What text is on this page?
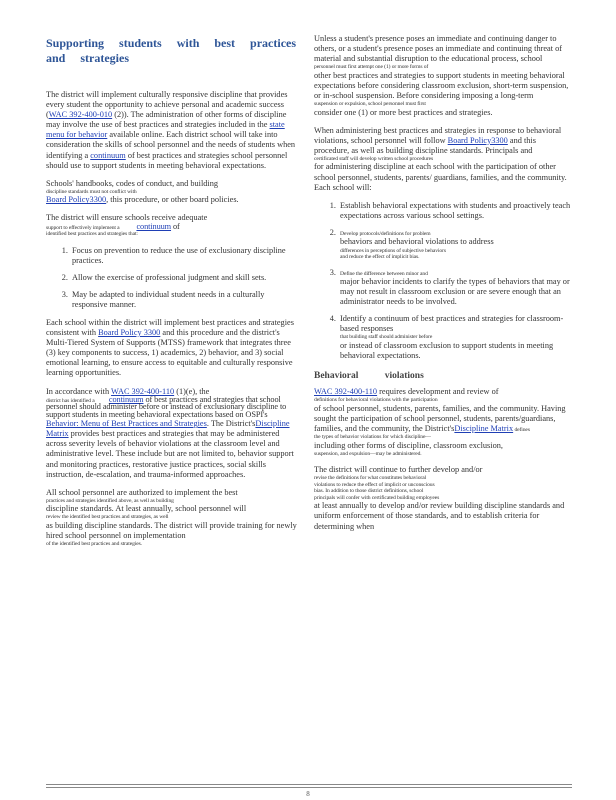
Supporting students with best practices and strategies

The district will implement culturally responsive discipline that provides every student the opportunity to achieve personal and academic success (WAC 392-400-010 (2)). The administration of other forms of discipline may involve the use of best practices and strategies included in the state menu for behavior available online. Each district school will take into consideration the skills of school personnel and the needs of students when identifying a continuum of best practices and strategies school personnel should use to support students in meeting behavioral expectations.

Schools' handbooks, codes of conduct, and building
discipline standards must not conflict with
Board Policy3300, this procedure, or other board policies.

The district will ensure schools receive adequate
support to effectively implement a continuum of
identified best practices and strategies that:

1. Focus on prevention to reduce the use of exclusionary discipline practices.
2. Allow the exercise of professional judgment and skill sets.
3. May be adapted to individual student needs in a culturally responsive manner.

Each school within the district will implement best practices and strategies consistent with Board Policy 3300 and this procedure and the district's Multi-Tiered System of Supports (MTSS) framework that integrates three (3) key components to success, 1) academics, 2) behavior, and 3) social emotional learning, to ensure access to equitable and culturally responsive learning opportunities.

In accordance with WAC 392-400-110 (1)(e), the
district has identified a continuum of best practices and strategies that school personnel should administer before or instead of exclusionary discipline to support students in meeting behavioral expectations based on OSPI's
Behavior: Menu of Best Practices and Strategies. The District'sDiscipline Matrix provides best practices and strategies that may be administered across severity levels of behavior violations at the classroom level and administrative level. These include but are not limited to, behavior support and monitoring practices, restorative justice practices, social skills instruction, de-escalation, and trauma-informed approaches.

All school personnel are authorized to implement the best
practices and strategies identified above, as well as building
discipline standards. At least annually, school personnel will
review the identified best practices and strategies, as well
as building discipline standards. The district will provide training for newly hired school personnel on implementation
of the identified best practices and strategies.

Unless a student's presence poses an immediate and continuing danger to others, or a student's presence poses an immediate and continuing threat of material and substantial disruption to the educational process, school
personnel must first attempt one (1) or more forms of
other best practices and strategies to support students in meeting behavioral expectations before considering classroom exclusion, short-term suspension, or in-school suspension. Before considering imposing a long-term
suspension or expulsion, school personnel must first
consider one (1) or more best practices and strategies.

When administering best practices and strategies in response to behavioral violations, school personnel will follow Board Policy3300 and this procedure, as well as building discipline standards. Principals and
certificated staff will develop written school procedures
for administering discipline at each school with the participation of other school personnel, students, parents/ guardians, families, and the community. Each school will:

1. Establish behavioral expectations with students and proactively teach expectations across various school settings.
2. Develop protocols/definitions for problem
behaviors and behavioral violations to address
differences in perceptions of subjective behaviors
and reduce the effect of implicit bias.
3. Define the difference between minor and
major behavior incidents to clarify the types of behaviors that may or may not result in classroom exclusion or are severe enough that an administrator needs to be involved.
4. Identify a continuum of best practices and strategies for classroom-based responses
that building staff should administer before
or instead of classroom exclusion to support students in meeting behavioral expectations.
Behavioral violations

WAC 392-400-110 requires development and review of
definitions for behavioral violations with the participation
of school personnel, students, parents, families, and the community. Having sought the participation of school personnel, students, parents/guardians, families, and the community, the District'sDiscipline Matrix defines
the types of behavior violations for which discipline—
including other forms of discipline, classroom exclusion,
suspension, and expulsion—may be administered.

The district will continue to further develop and/or
revise the definitions for what constitutes behavioral
violations to reduce the effect of implicit or unconscious
bias. In addition to those district definitions, school
principals will confer with certificated building employees
at least annually to develop and/or review building discipline standards and uniform enforcement of those standards, and to establish criteria for determining when

8
